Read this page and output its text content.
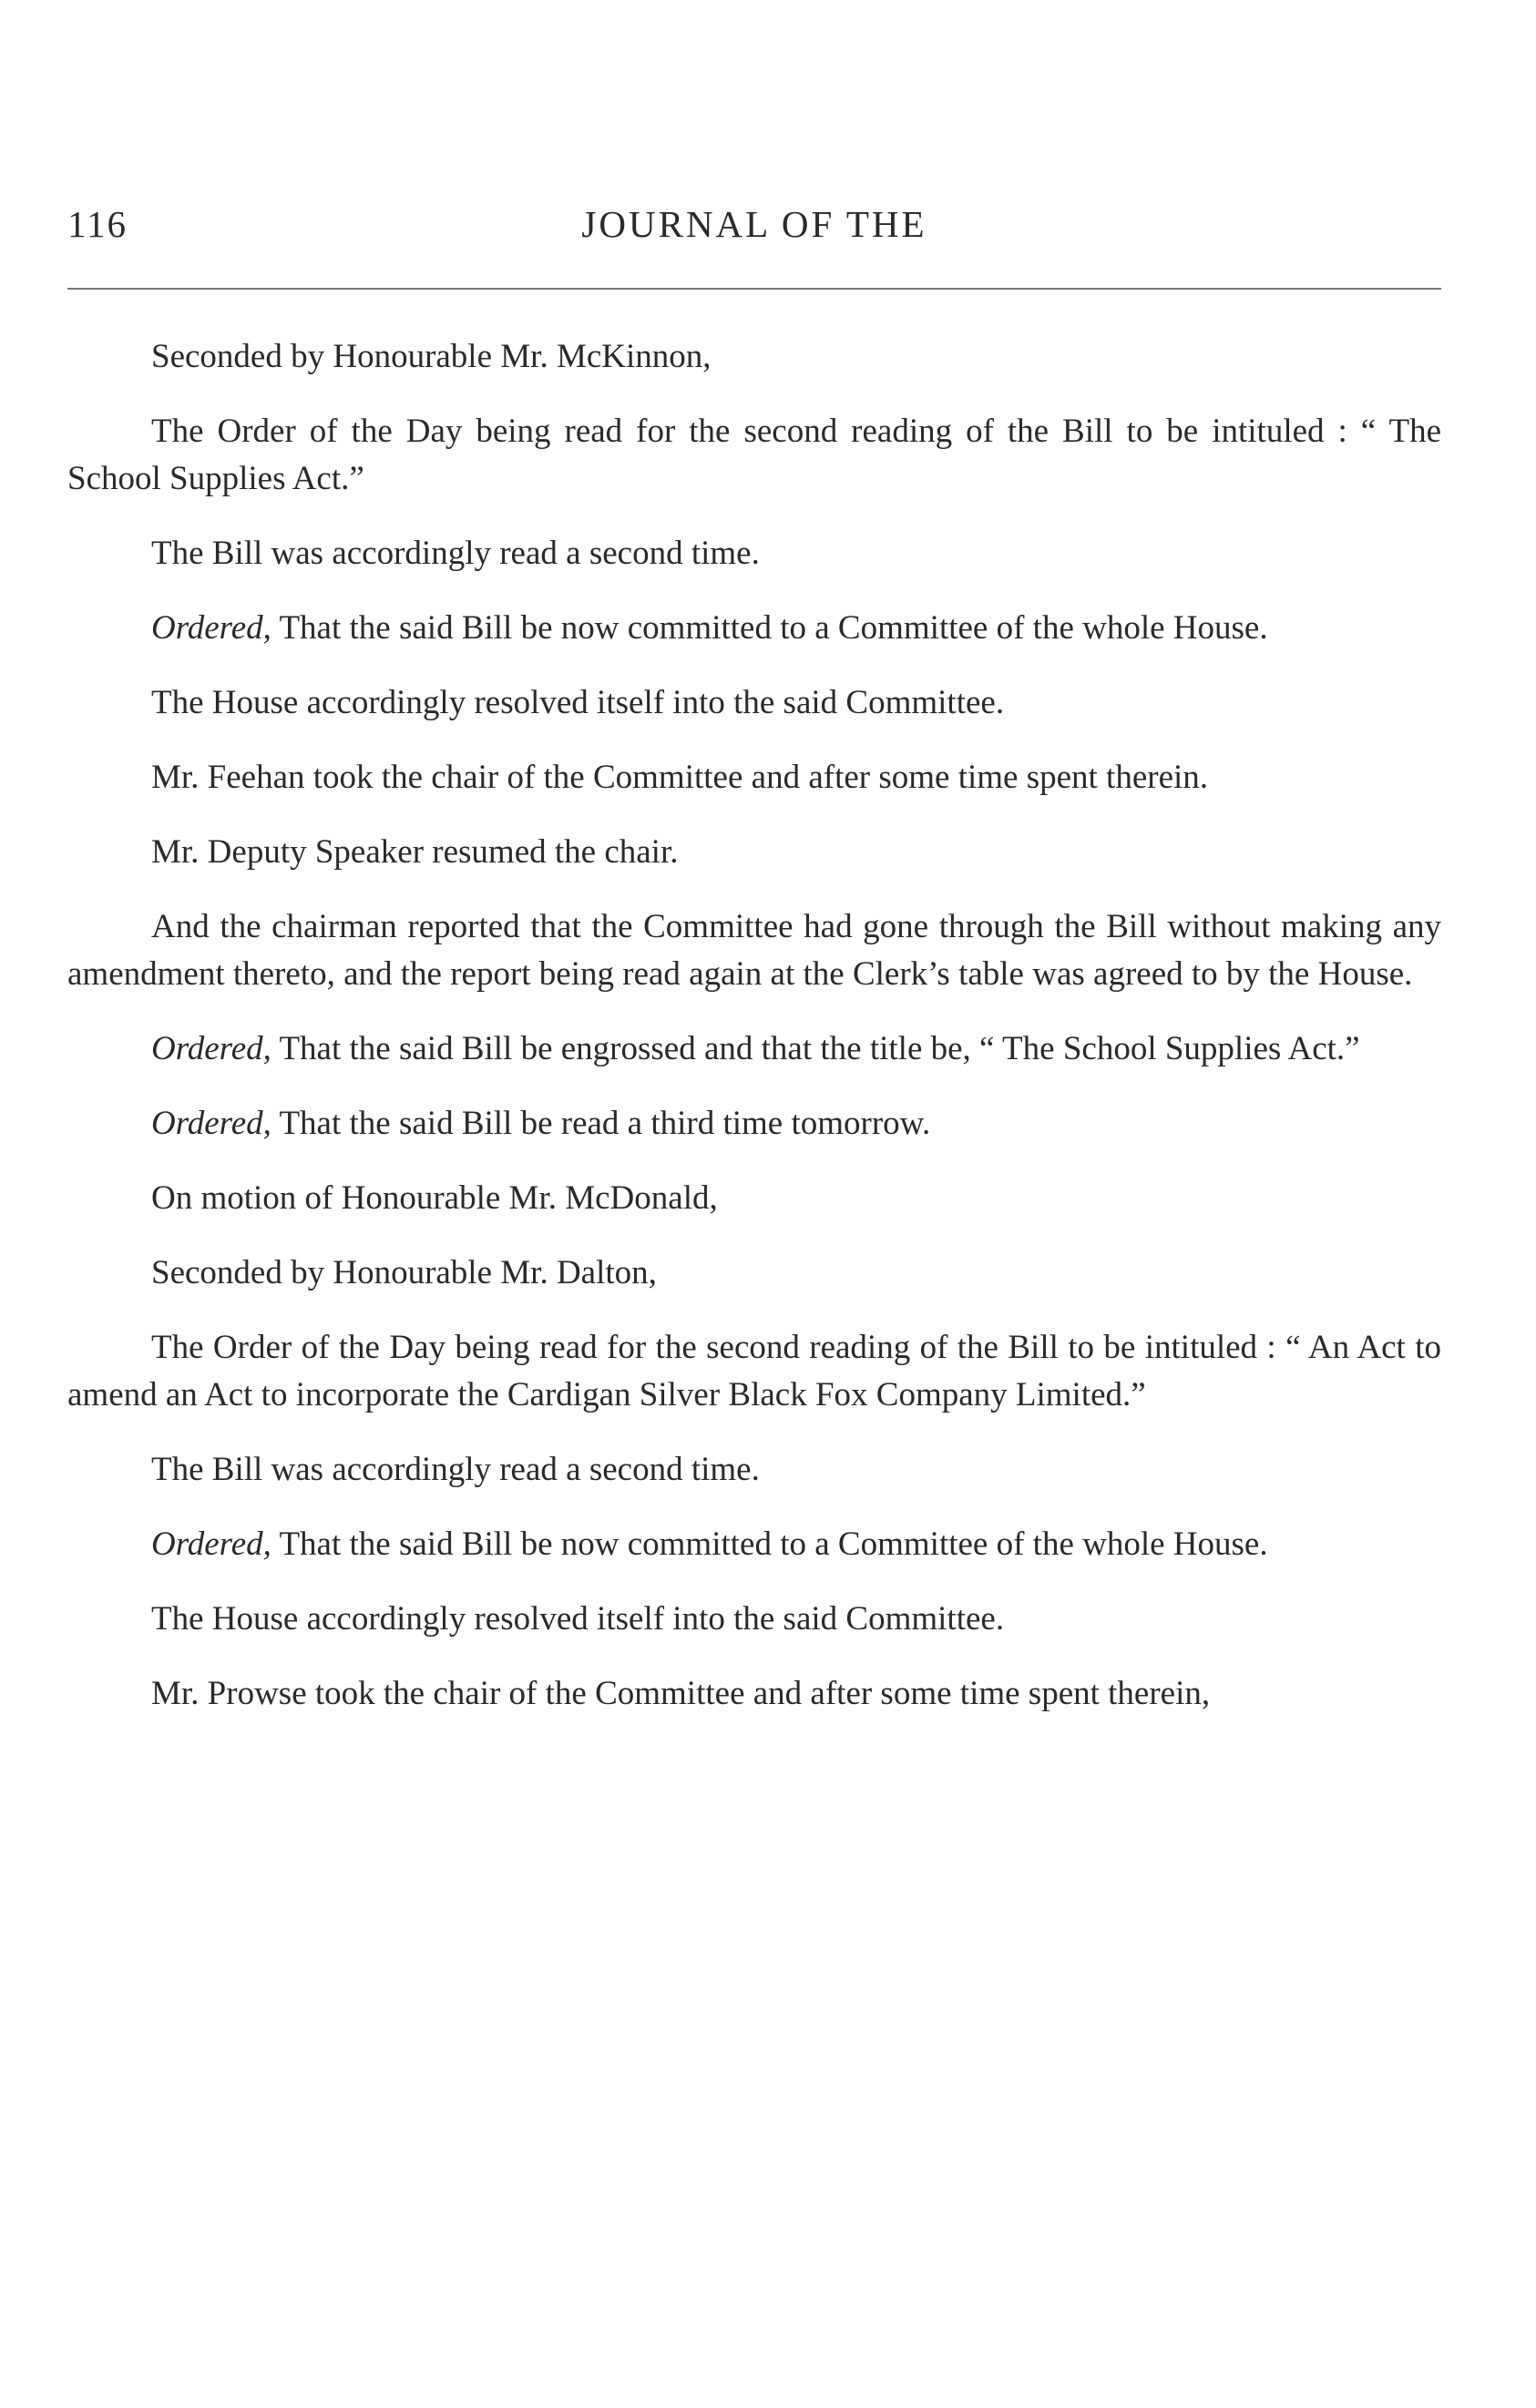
116	JOURNAL OF THE

Seconded by Honourable Mr. McKinnon,

The Order of the Day being read for the second reading of the Bill to be intituled : “ The School Supplies Act.”

The Bill was accordingly read a second time.

Ordered, That the said Bill be now committed to a Committee of the whole House.

The House accordingly resolved itself into the said Committee.

Mr. Feehan took the chair of the Committee and after some time spent therein.

Mr. Deputy Speaker resumed the chair.

And the chairman reported that the Committee had gone through the Bill without making any amendment thereto, and the report being read again at the Clerk’s table was agreed to by the House.

Ordered, That the said Bill be engrossed and that the title be, “ The School Supplies Act.”

Ordered, That the said Bill be read a third time tomorrow.

On motion of Honourable Mr. McDonald,

Seconded by Honourable Mr. Dalton,

The Order of the Day being read for the second reading of the Bill to be intituled : “ An Act to amend an Act to incorporate the Cardigan Silver Black Fox Company Limited.”

The Bill was accordingly read a second time.

Ordered, That the said Bill be now committed to a Committee of the whole House.

The House accordingly resolved itself into the said Committee.

Mr. Prowse took the chair of the Committee and after some time spent therein,
